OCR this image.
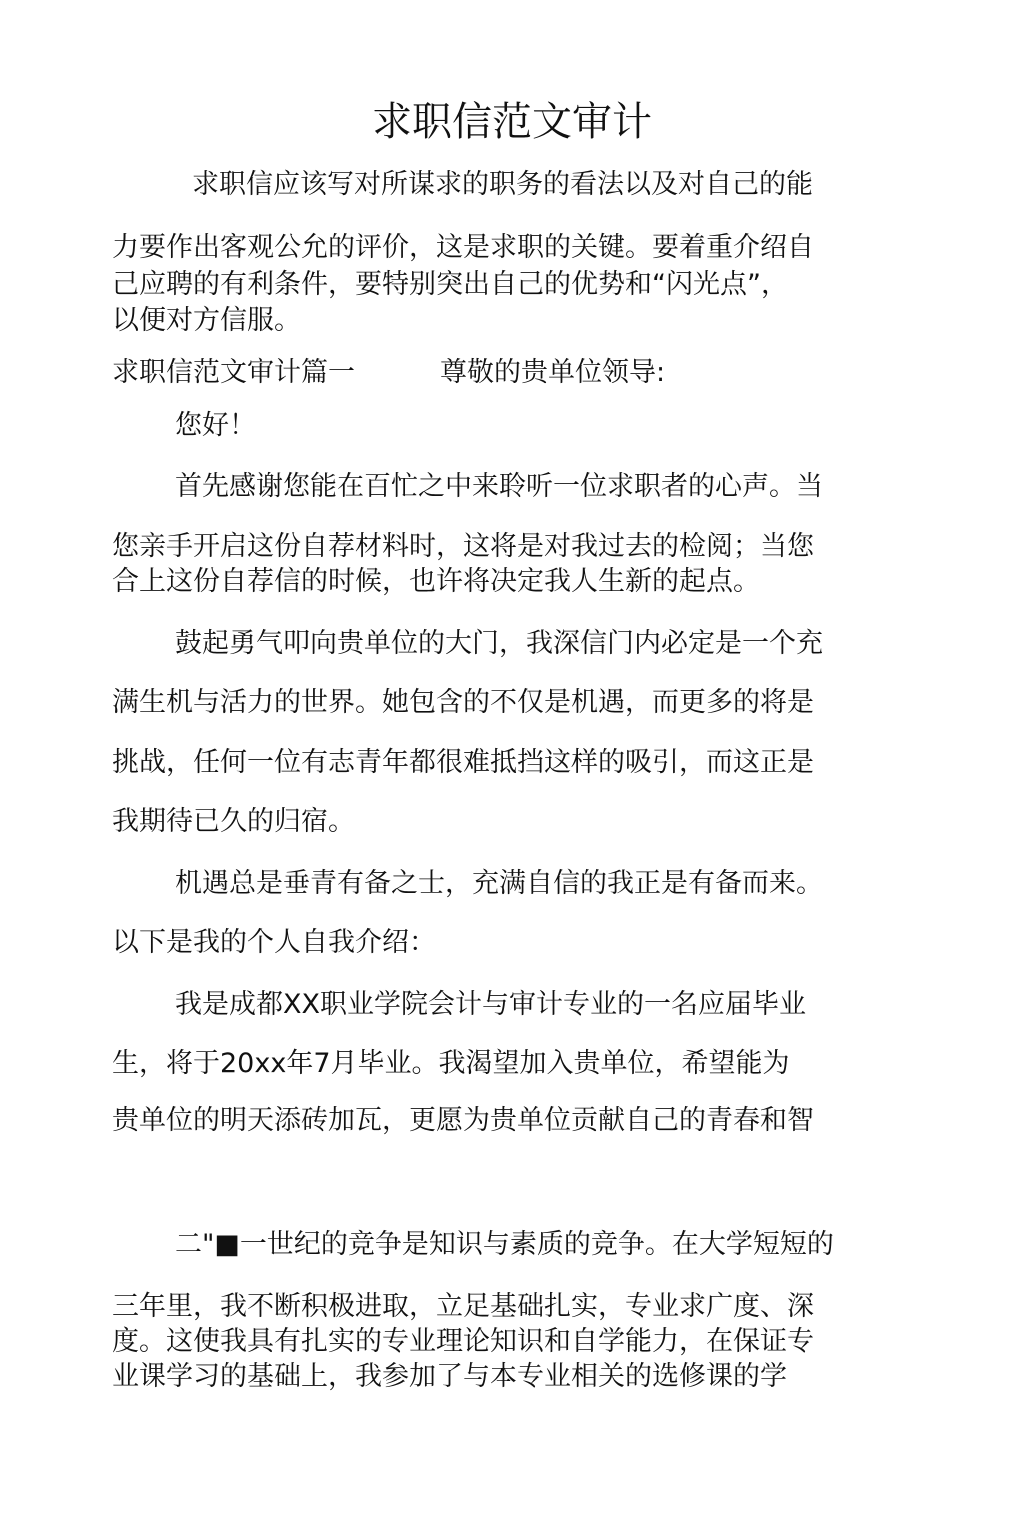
求职信范文审计
求职信应该写对所谋求的职务的看法以及对自己的能
力要作出客观公允的评价，这是求职的关键。要着重介绍自
己应聘的有利条件，要特别突出自己的优势和“闪光点”，
以便对方信服。
求职信范文审计篇一	尊敬的贵单位领导:
您好！
首先感谢您能在百忙之中来聆听一位求职者的心声。当
您亲手开启这份自荐材料时，这将是对我过去的检阅；当您
合上这份自荐信的时候，也许将决定我人生新的起点。
鼓起勇气叩向贵单位的大门，我深信门内必定是一个充
满生机与活力的世界。她包含的不仅是机遇，而更多的将是
挑战，任何一位有志青年都很难抵挡这样的吸引，而这正是
我期待已久的归宿。
机遇总是垂青有备之士，充满自信的我正是有备而来。
以下是我的个人自我介绍：
我是成都XX职业学院会计与审计专业的一名应届毕业
生，将于20xx年7月毕业。我渴望加入贵单位，希望能为
贵单位的明天添砖加瓦，更愿为贵单位贡献自己的青春和智
二"■一世纪的竞争是知识与素质的竞争。在大学短短的
三年里，我不断积极进取，立足基础扎实，专业求广度、深
度。这使我具有扎实的专业理论知识和自学能力，在保证专
业课学习的基础上，我参加了与本专业相关的选修课的学
